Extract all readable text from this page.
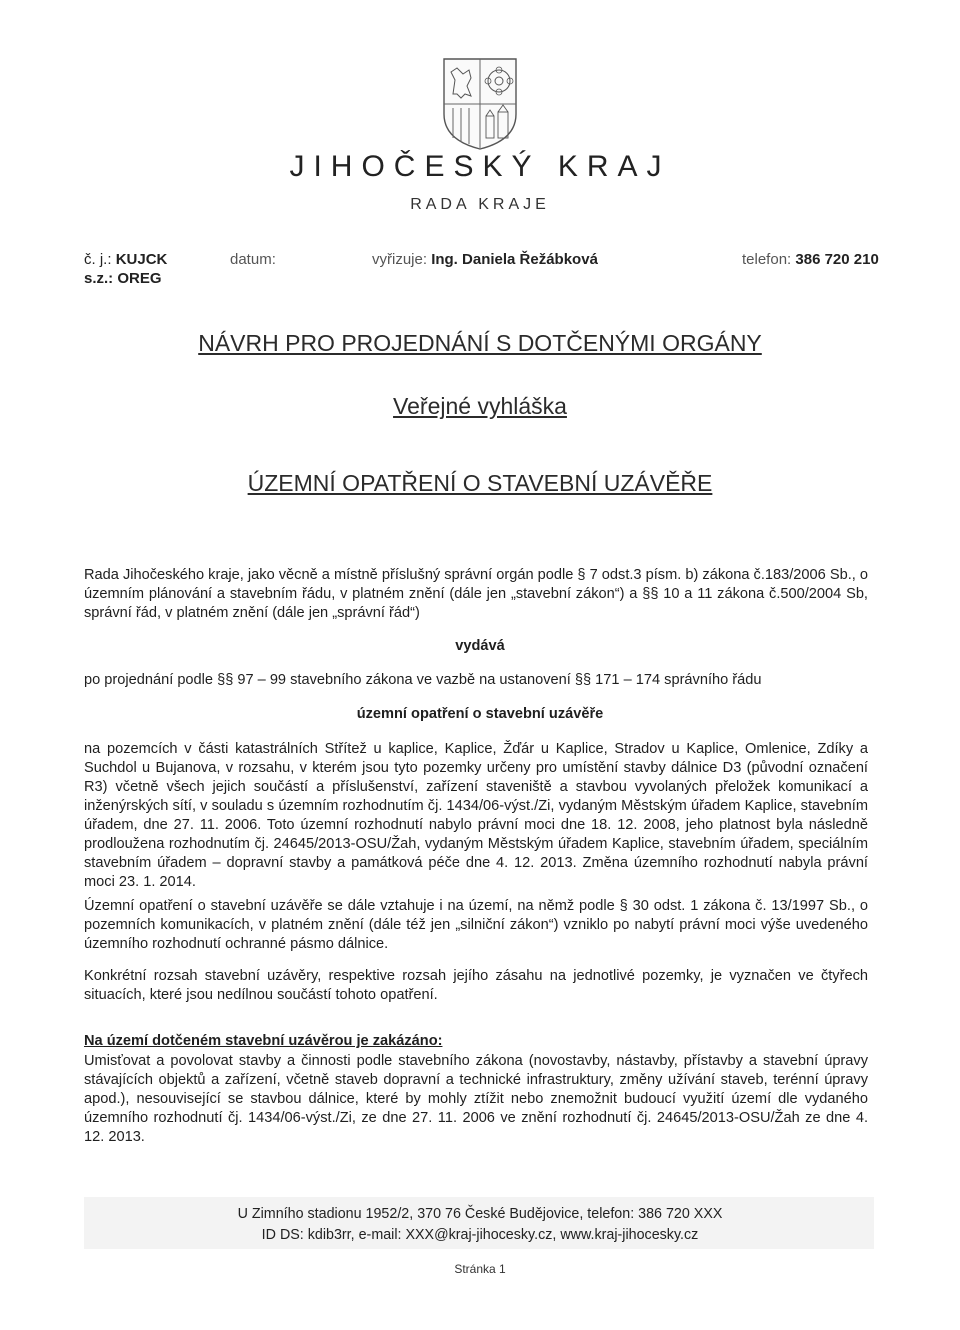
JIHOČESKÝ KRAJ
RADA KRAJE
č. j.: KUJCK
s.z.: OREG
datum:	vyřizuje: Ing. Daniela Řežábková	telefon: 386 720 210
NÁVRH PRO PROJEDNÁNÍ S DOTČENÝMI ORGÁNY
Veřejné vyhláška
ÚZEMNÍ OPATŘENÍ O STAVEBNÍ UZÁVĚŘE

Rada Jihočeského kraje, jako věcně a místně příslušný správní orgán podle § 7 odst.3 písm. b) zákona č.183/2006 Sb., o územním plánování a stavebním řádu, v platném znění (dále jen „stavební zákon“) a §§ 10 a 11 zákona č.500/2004 Sb, správní řád, v platném znění (dále jen „správní řád“)

vydává

po projednání podle §§ 97 – 99 stavebního zákona ve vazbě na ustanovení §§ 171 – 174 správního řádu

územní opatření o stavební uzávěře

na pozemcích v části katastrálních Střítež u kaplice, Kaplice, Žďár u Kaplice, Stradov u Kaplice, Omlenice, Zdíky a Suchdol u Bujanova, v rozsahu, v kterém jsou tyto pozemky určeny pro umístění stavby dálnice D3 (původní označení R3) včetně všech jejich součástí a příslušenství, zařízení staveniště a stavbou vyvolaných přeložek komunikací a inženýrských sítí, v souladu s územním rozhodnutím čj. 1434/06-výst./Zi, vydaným Městským úřadem Kaplice, stavebním úřadem, dne 27. 11. 2006. Toto územní rozhodnutí nabylo právní moci dne 18. 12. 2008, jeho platnost byla následně prodloužena rozhodnutím čj. 24645/2013-OSU/Žah, vydaným Městským úřadem Kaplice, stavebním úřadem, speciálním stavebním úřadem – dopravní stavby a památková péče dne 4. 12. 2013. Změna územního rozhodnutí nabyla právní moci 23. 1. 2014.

Územní opatření o stavební uzávěře se dále vztahuje i na území, na němž podle § 30 odst. 1 zákona č. 13/1997 Sb., o pozemních komunikacích, v platném znění (dále též jen „silniční zákon“) vzniklo po nabytí právní moci výše uvedeného územního rozhodnutí ochranné pásmo dálnice.

Konkrétní rozsah stavební uzávěry, respektive rozsah jejího zásahu na jednotlivé pozemky, je vyznačen ve čtyřech situacích, které jsou nedílnou součástí tohoto opatření.

Na území dotčeném stavební uzávěrou je zakázáno:

Umisťovat a povolovat stavby a činnosti podle stavebního zákona (novostavby, nástavby, přístavby a stavební úpravy stávajících objektů a zařízení, včetně staveb dopravní a technické infrastruktury, změny užívání staveb, terénní úpravy apod.), nesouvisející se stavbou dálnice, které by mohly ztížit nebo znemožnit budoucí využití území dle vydaného územního rozhodnutí čj. 1434/06-výst./Zi, ze dne 27. 11. 2006 ve znění rozhodnutí čj. 24645/2013-OSU/Žah ze dne 4. 12. 2013.

U Zimního stadionu 1952/2, 370 76 České Budějovice, telefon: 386 720 XXX
ID DS: kdib3rr, e-mail: XXX@kraj-jihocesky.cz, www.kraj-jihocesky.cz
Stránka 1
